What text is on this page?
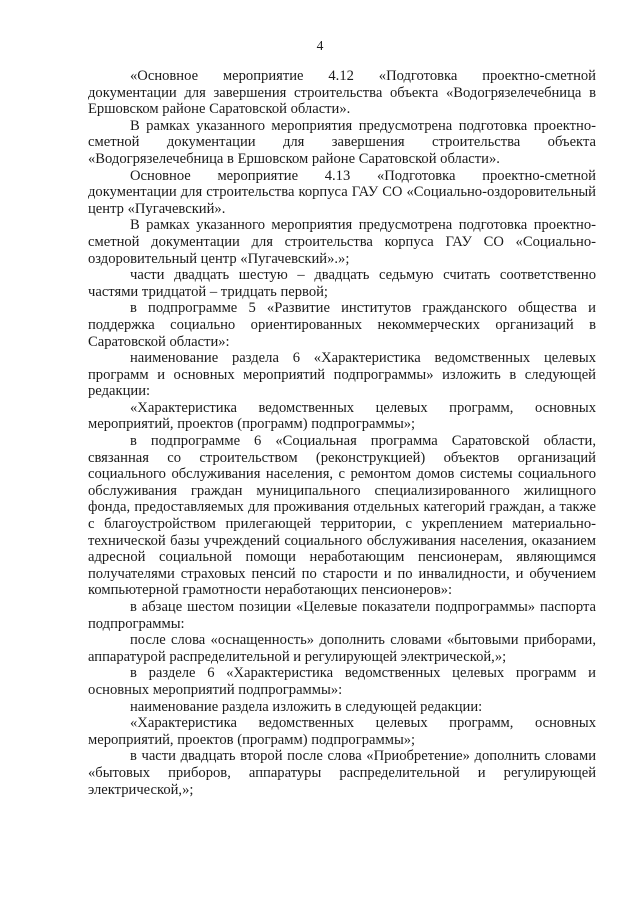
4

«Основное мероприятие 4.12 «Подготовка проектно-сметной документации для завершения строительства объекта «Водогрязелечебница в Ершовском районе Саратовской области».

В рамках указанного мероприятия предусмотрена подготовка проектно-сметной документации для завершения строительства объекта «Водогрязелечебница в Ершовском районе Саратовской области».

Основное мероприятие 4.13 «Подготовка проектно-сметной документации для строительства корпуса ГАУ СО «Социально-оздоровительный центр «Пугачевский».

В рамках указанного мероприятия предусмотрена подготовка проектно-сметной документации для строительства корпуса ГАУ СО «Социально-оздоровительный центр «Пугачевский».»;

части двадцать шестую – двадцать седьмую считать соответственно частями тридцатой – тридцать первой;

в подпрограмме 5 «Развитие институтов гражданского общества и поддержка социально ориентированных некоммерческих организаций в Саратовской области»:

наименование раздела 6 «Характеристика ведомственных целевых программ и основных мероприятий подпрограммы» изложить в следующей редакции:

«Характеристика ведомственных целевых программ, основных мероприятий, проектов (программ) подпрограммы»;

в подпрограмме 6 «Социальная программа Саратовской области, связанная со строительством (реконструкцией) объектов организаций социального обслуживания населения, с ремонтом домов системы социального обслуживания граждан муниципального специализированного жилищного фонда, предоставляемых для проживания отдельных категорий граждан, а также с благоустройством прилегающей территории, с укреплением материально-технической базы учреждений социального обслуживания населения, оказанием адресной социальной помощи неработающим пенсионерам, являющимся получателями страховых пенсий по старости и по инвалидности, и обучением компьютерной грамотности неработающих пенсионеров»:

в абзаце шестом позиции «Целевые показатели подпрограммы» паспорта подпрограммы:

после слова «оснащенность» дополнить словами «бытовыми приборами, аппаратурой распределительной и регулирующей электрической,»;

в разделе 6 «Характеристика ведомственных целевых программ и основных мероприятий подпрограммы»:

наименование раздела изложить в следующей редакции:

«Характеристика ведомственных целевых программ, основных мероприятий, проектов (программ) подпрограммы»;

в части двадцать второй после слова «Приобретение» дополнить словами «бытовых приборов, аппаратуры распределительной и регулирующей электрической,»;
